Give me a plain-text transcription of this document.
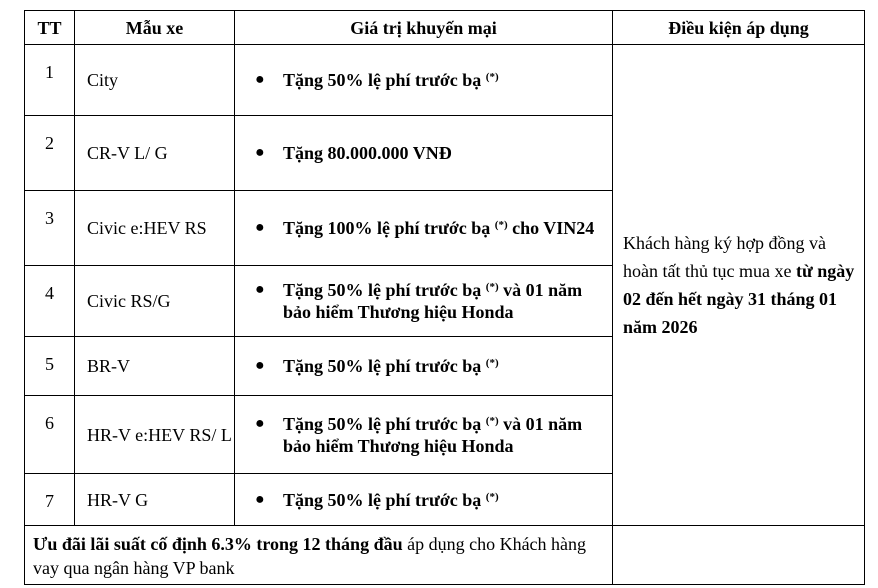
TT	Mẫu xe	Giá trị khuyến mại	Điều kiện áp dụng
1	City	● Tặng 50% lệ phí trước bạ (*)	Khách hàng ký hợp đồng và hoàn tất thủ tục mua xe từ ngày 02 đến hết ngày 31 tháng 01 năm 2026
2	CR-V L/ G	● Tặng 80.000.000 VNĐ	

3	Civic e:HEV RS	● Tặng 100% lệ phí trước bạ (*) cho VIN24	

4	Civic RS/G	● Tặng 50% lệ phí trước bạ (*) và 01 năm bảo hiểm Thương hiệu Honda	

5	BR-V	● Tặng 50% lệ phí trước bạ (*)

6	HR-V e:HEV RS/ L	● Tặng 50% lệ phí trước bạ (*) và 01 năm bảo hiểm Thương hiệu Honda	

7	HR-V G	● Tặng 50% lệ phí trước bạ (*)

Ưu đãi lãi suất cố định 6.3% trong 12 tháng đầu áp dụng cho Khách hàng vay qua ngân hàng VP bank			
